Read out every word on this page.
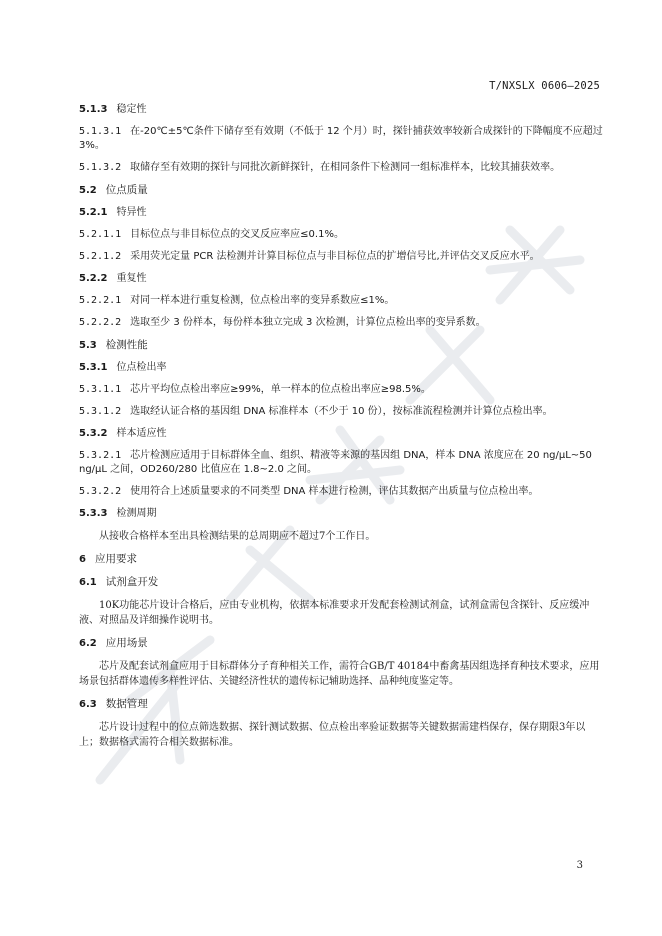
T/NXSLX 0606—2025
5.1.3 稳定性
5.1.3.1 在-20℃±5℃条件下储存至有效期（不低于 12 个月）时，探针捕获效率较新合成探针的下降幅度不应超过 3%。
5.1.3.2 取储存至有效期的探针与同批次新鲜探针，在相同条件下检测同一组标准样本，比较其捕获效率。
5.2 位点质量
5.2.1 特异性
5.2.1.1 目标位点与非目标位点的交叉反应率应≤0.1%。
5.2.1.2 采用荧光定量 PCR 法检测并计算目标位点与非目标位点的扩增信号比,并评估交叉反应水平。
5.2.2 重复性
5.2.2.1 对同一样本进行重复检测，位点检出率的变异系数应≤1%。
5.2.2.2 选取至少 3 份样本，每份样本独立完成 3 次检测，计算位点检出率的变异系数。
5.3 检测性能
5.3.1 位点检出率
5.3.1.1 芯片平均位点检出率应≥99%，单一样本的位点检出率应≥98.5%。
5.3.1.2 选取经认证合格的基因组 DNA 标准样本（不少于 10 份），按标准流程检测并计算位点检出率。
5.3.2 样本适应性
5.3.2.1 芯片检测应适用于目标群体全血、组织、精液等来源的基因组 DNA，样本 DNA 浓度应在 20 ng/μL~50 ng/μL 之间，OD260/280 比值应在 1.8~2.0 之间。
5.3.2.2 使用符合上述质量要求的不同类型 DNA 样本进行检测，评估其数据产出质量与位点检出率。
5.3.3 检测周期
从接收合格样本至出具检测结果的总周期应不超过7个工作日。
6 应用要求
6.1 试剂盒开发
10K功能芯片设计合格后，应由专业机构，依据本标准要求开发配套检测试剂盒，试剂盒需包含探针、反应缓冲液、对照品及详细操作说明书。
6.2 应用场景
芯片及配套试剂盒应用于目标群体分子育种相关工作，需符合GB/T 40184中畜禽基因组选择育种技术要求，应用场景包括群体遗传多样性评估、关键经济性状的遗传标记辅助选择、品种纯度鉴定等。
6.3 数据管理
芯片设计过程中的位点筛选数据、探针测试数据、位点检出率验证数据等关键数据需建档保存，保存期限3年以上；数据格式需符合相关数据标准。
3
